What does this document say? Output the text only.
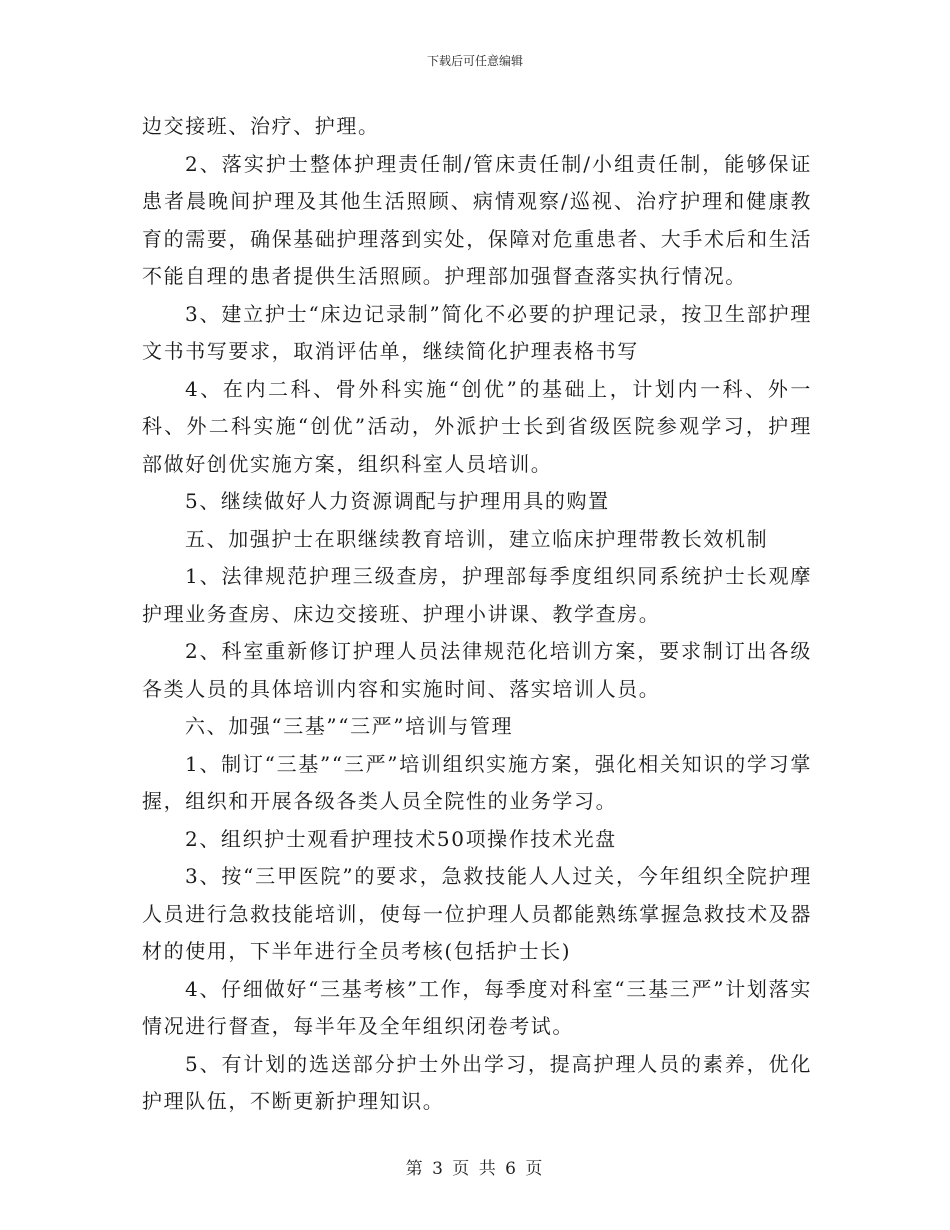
下载后可任意编辑

边交接班、治疗、护理。

2、落实护士整体护理责任制/管床责任制/小组责任制，能够保证患者晨晚间护理及其他生活照顾、病情观察/巡视、治疗护理和健康教育的需要，确保基础护理落到实处，保障对危重患者、大手术后和生活不能自理的患者提供生活照顾。护理部加强督查落实执行情况。

3、建立护士“床边记录制”简化不必要的护理记录，按卫生部护理文书书写要求，取消评估单，继续简化护理表格书写

4、在内二科、骨外科实施“创优”的基础上，计划内一科、外一科、外二科实施“创优”活动，外派护士长到省级医院参观学习，护理部做好创优实施方案，组织科室人员培训。

5、继续做好人力资源调配与护理用具的购置

五、加强护士在职继续教育培训，建立临床护理带教长效机制

1、法律规范护理三级查房，护理部每季度组织同系统护士长观摩护理业务查房、床边交接班、护理小讲课、教学查房。

2、科室重新修订护理人员法律规范化培训方案，要求制订出各级各类人员的具体培训内容和实施时间、落实培训人员。

六、加强“三基”“三严”培训与管理

1、制订“三基”“三严”培训组织实施方案，强化相关知识的学习掌握，组织和开展各级各类人员全院性的业务学习。

2、组织护士观看护理技术50项操作技术光盘

3、按“三甲医院”的要求，急救技能人人过关，今年组织全院护理人员进行急救技能培训，使每一位护理人员都能熟练掌握急救技术及器材的使用，下半年进行全员考核(包括护士长)

4、仔细做好“三基考核”工作，每季度对科室“三基三严”计划落实情况进行督查，每半年及全年组织闭卷考试。

5、有计划的选送部分护士外出学习，提高护理人员的素养，优化护理队伍，不断更新护理知识。

第 3 页 共 6 页
